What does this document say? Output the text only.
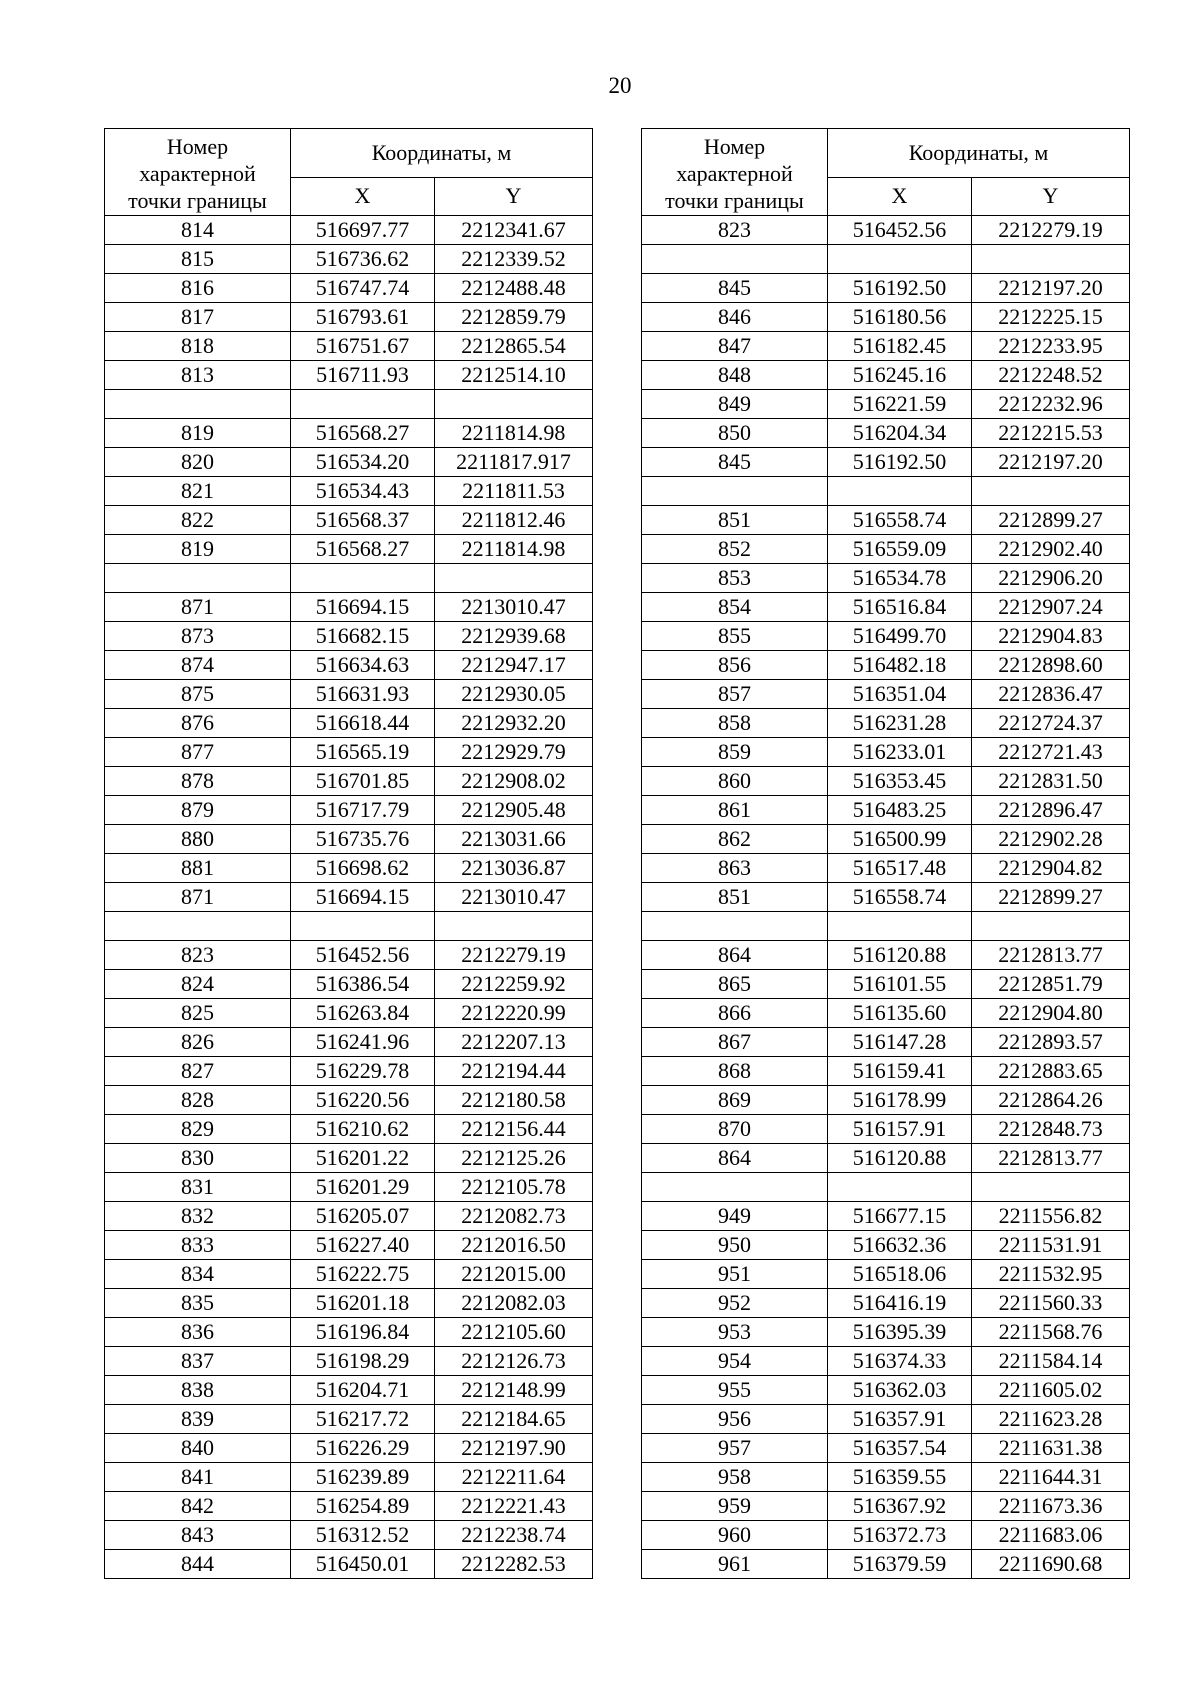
20
Номер
характерной
точки границы	Координаты, м	
	X	Y
814	516697.77	2212341.67
815	516736.62	2212339.52
816	516747.74	2212488.48
817	516793.61	2212859.79
818	516751.67	2212865.54
813	516711.93	2212514.10

819	516568.27	2211814.98
820	516534.20	2211817.917
821	516534.43	2211811.53
822	516568.37	2211812.46
819	516568.27	2211814.98

871	516694.15	2213010.47
873	516682.15	2212939.68
874	516634.63	2212947.17
875	516631.93	2212930.05
876	516618.44	2212932.20
877	516565.19	2212929.79
878	516701.85	2212908.02
879	516717.79	2212905.48
880	516735.76	2213031.66
881	516698.62	2213036.87
871	516694.15	2213010.47

823	516452.56	2212279.19
824	516386.54	2212259.92
825	516263.84	2212220.99
826	516241.96	2212207.13
827	516229.78	2212194.44
828	516220.56	2212180.58
829	516210.62	2212156.44
830	516201.22	2212125.26
831	516201.29	2212105.78
832	516205.07	2212082.73
833	516227.40	2212016.50
834	516222.75	2212015.00
835	516201.18	2212082.03
836	516196.84	2212105.60
837	516198.29	2212126.73
838	516204.71	2212148.99
839	516217.72	2212184.65
840	516226.29	2212197.90
841	516239.89	2212211.64
842	516254.89	2212221.43
843	516312.52	2212238.74
844	516450.01	2212282.53
Номер
характерной
точки границы	Координаты, м	
	X	Y
823	516452.56	2212279.19

845	516192.50	2212197.20
846	516180.56	2212225.15
847	516182.45	2212233.95
848	516245.16	2212248.52
849	516221.59	2212232.96
850	516204.34	2212215.53
845	516192.50	2212197.20

851	516558.74	2212899.27
852	516559.09	2212902.40
853	516534.78	2212906.20
854	516516.84	2212907.24
855	516499.70	2212904.83
856	516482.18	2212898.60
857	516351.04	2212836.47
858	516231.28	2212724.37
859	516233.01	2212721.43
860	516353.45	2212831.50
861	516483.25	2212896.47
862	516500.99	2212902.28
863	516517.48	2212904.82
851	516558.74	2212899.27

864	516120.88	2212813.77
865	516101.55	2212851.79
866	516135.60	2212904.80
867	516147.28	2212893.57
868	516159.41	2212883.65
869	516178.99	2212864.26
870	516157.91	2212848.73
864	516120.88	2212813.77

949	516677.15	2211556.82
950	516632.36	2211531.91
951	516518.06	2211532.95
952	516416.19	2211560.33
953	516395.39	2211568.76
954	516374.33	2211584.14
955	516362.03	2211605.02
956	516357.91	2211623.28
957	516357.54	2211631.38
958	516359.55	2211644.31
959	516367.92	2211673.36
960	516372.73	2211683.06
961	516379.59	2211690.68
